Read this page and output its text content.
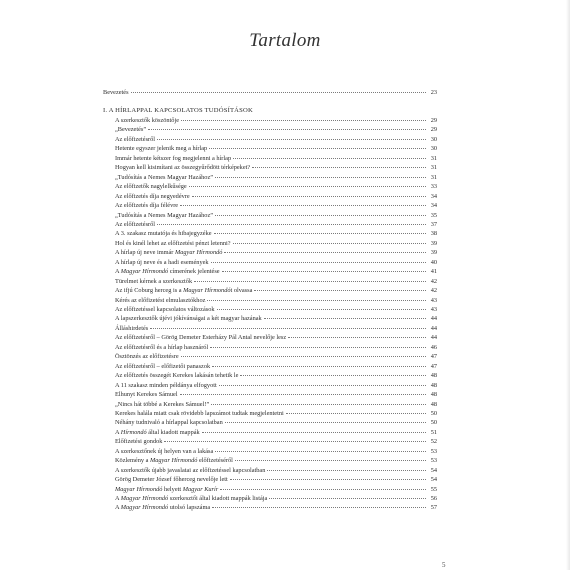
Tartalom
Bevezetés	23
I. A HÍRLAPPAL KAPCSOLATOS TUDÓSÍTÁSOK
A szerkesztők köszöntője	29
„Bevezetés”	29
Az előfizetésről	30
Hetente egyszer jelenik meg a hírlap	30
Immár hetente kétszer fog megjelenni a hírlap	31
Hogyan kell kisimítani az összegyűrődött térképeket?	31
„Tudósítás a Nemes Magyar Hazához”	31
Az előfizetők nagylelkűsége	33
Az előfizetés díja negyedévre	34
Az előfizetés díja félévre	34
„Tudósítás a Nemes Magyar Hazához”	35
Az előfizetésről	37
A 3. szakasz mutatója és hibajegyzéke	38
Hol és kinél lehet az előfizetési pénzt letenni?	39
A hírlap új neve immár Magyar Hírmondó	39
A hírlap új neve és a hadi események	40
A Magyar Hírmondó címerének jelentése	41
Türelmet kérnek a szerkesztők	42
Az ifjú Coburg herceg is a Magyar Hírmondót olvassa	42
Kérés az előfizetést elmulasztókhoz	43
Az előfizetéssel kapcsolatos változások	43
A lapszerkesztők újévi jókívánságai a két magyar hazának	44
Álláshirdetés	44
Az előfizetésről – Görög Demeter Esterházy Pál Antal nevelője lesz	44
Az előfizetésről és a hírlap hasznáról	46
Ösztönzés az előfizetésre	47
Az előfizetésről – előfizetői panaszok	47
Az előfizetés összegét Kerekes lakásán tehetik le	48
A 11 szakasz minden példánya elfogyott	48
Elhunyt Kerekes Sámuel	48
„Nincs hát többé a Kerekes Sámuel!”	48
Kerekes halála miatt csak rövidebb lapszámot tudtak megjelentetni	50
Néhány tudnivaló a hírlappal kapcsolatban	50
A Hírmondó által kiadott mappák	51
Előfizetési gondok	52
A szerkesztőnek új helyen van a lakása	53
Közlemény a Magyar Hírmondó előfizetéséről	53
A szerkesztők újabb javaslatai az előfizetéssel kapcsolatban	54
Görög Demeter József főherceg nevelője lett	54
Magyar Hírmondó helyett Magyar Kurír	55
A Magyar Hírmondó szerkesztői által kiadott mappák listája	56
A Magyar Hírmondó utolsó lapszáma	57
5
